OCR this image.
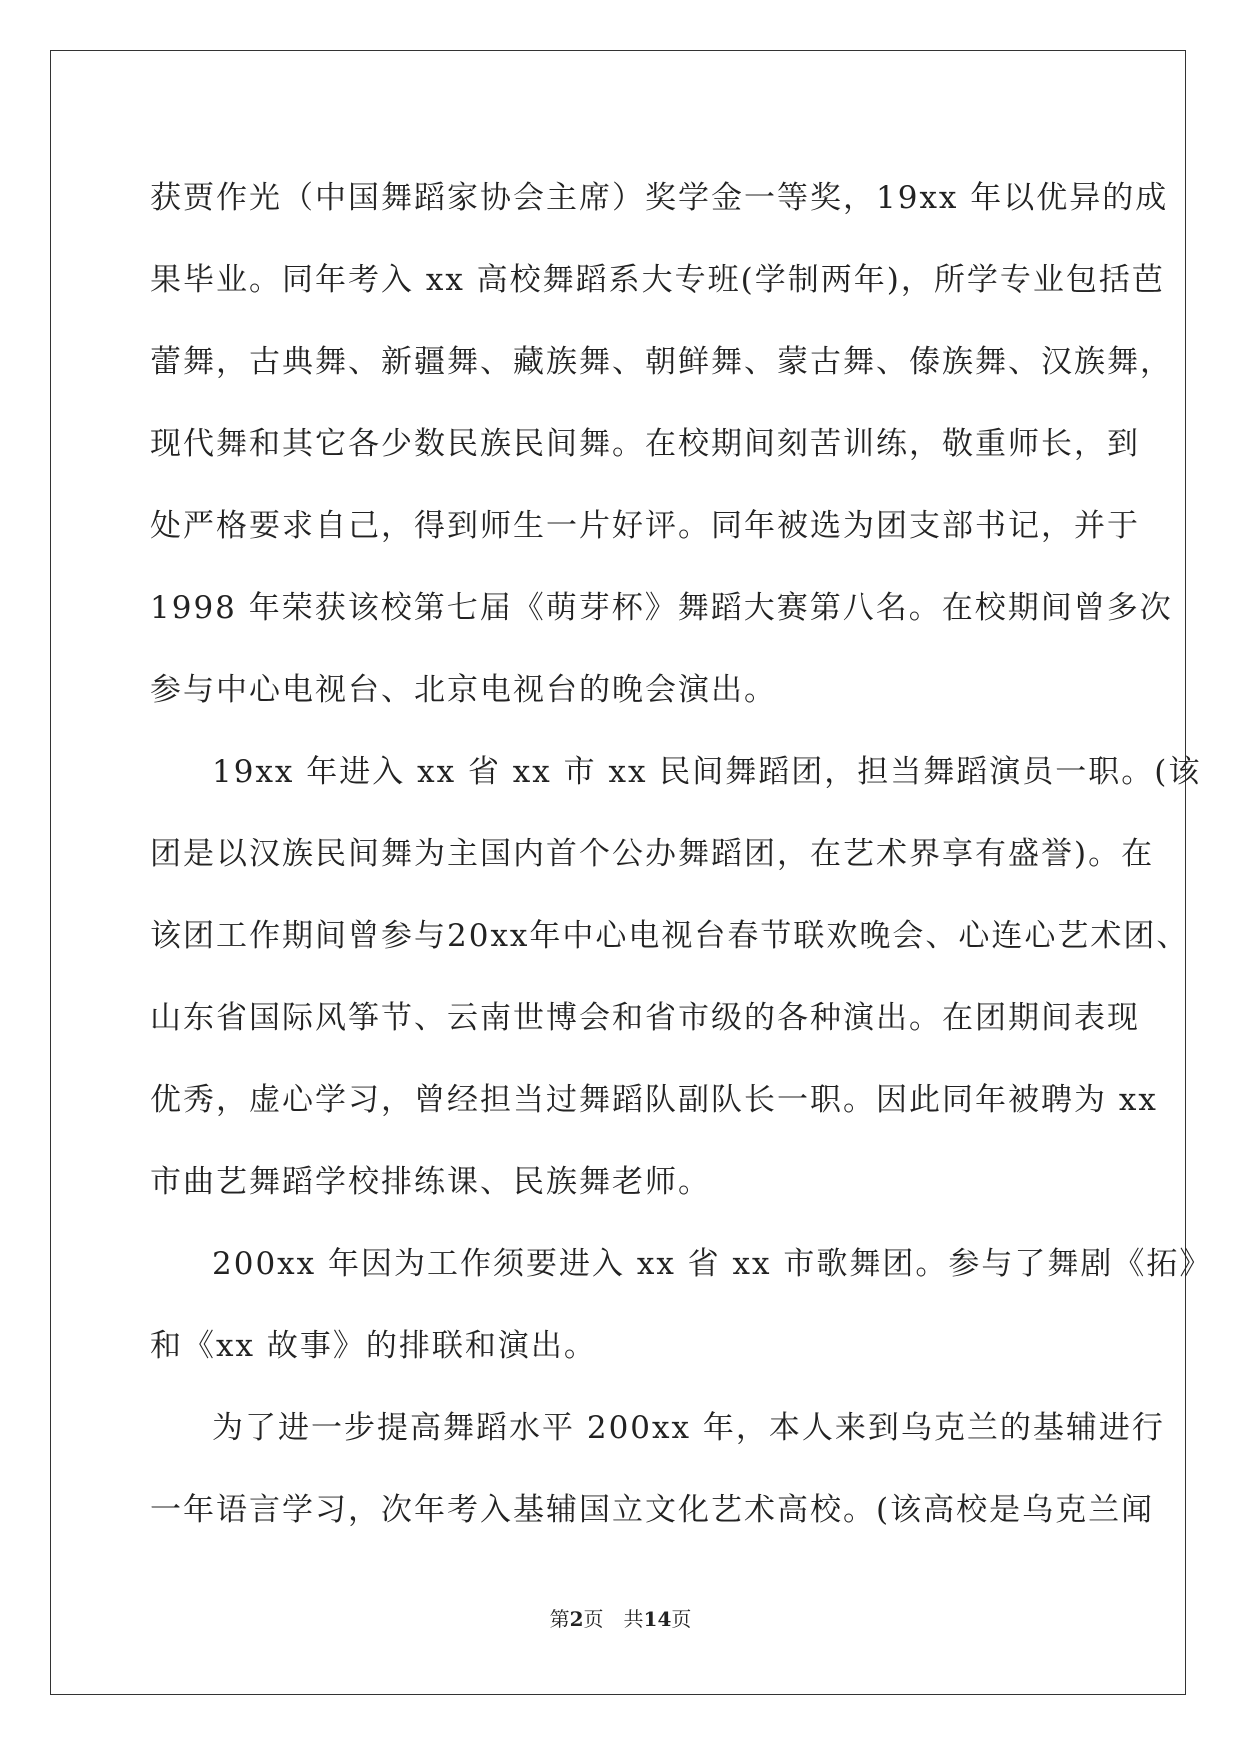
获贾作光（中国舞蹈家协会主席）奖学金一等奖，19xx 年以优异的成
果毕业。同年考入 xx 高校舞蹈系大专班(学制两年)，所学专业包括芭
蕾舞，古典舞、新疆舞、藏族舞、朝鲜舞、蒙古舞、傣族舞、汉族舞，
现代舞和其它各少数民族民间舞。在校期间刻苦训练，敬重师长，到
处严格要求自己，得到师生一片好评。同年被选为团支部书记，并于
1998 年荣获该校第七届《萌芽杯》舞蹈大赛第八名。在校期间曾多次
参与中心电视台、北京电视台的晚会演出。
19xx 年进入 xx 省 xx 市 xx 民间舞蹈团，担当舞蹈演员一职。(该
团是以汉族民间舞为主国内首个公办舞蹈团，在艺术界享有盛誉)。在
该团工作期间曾参与20xx年中心电视台春节联欢晚会、心连心艺术团、
山东省国际风筝节、云南世博会和省市级的各种演出。在团期间表现
优秀，虚心学习，曾经担当过舞蹈队副队长一职。因此同年被聘为 xx
市曲艺舞蹈学校排练课、民族舞老师。
200xx 年因为工作须要进入 xx 省 xx 市歌舞团。参与了舞剧《拓》
和《xx 故事》的排联和演出。
为了进一步提高舞蹈水平 200xx 年，本人来到乌克兰的基辅进行
一年语言学习，次年考入基辅国立文化艺术高校。(该高校是乌克兰闻
第2页　共14页
